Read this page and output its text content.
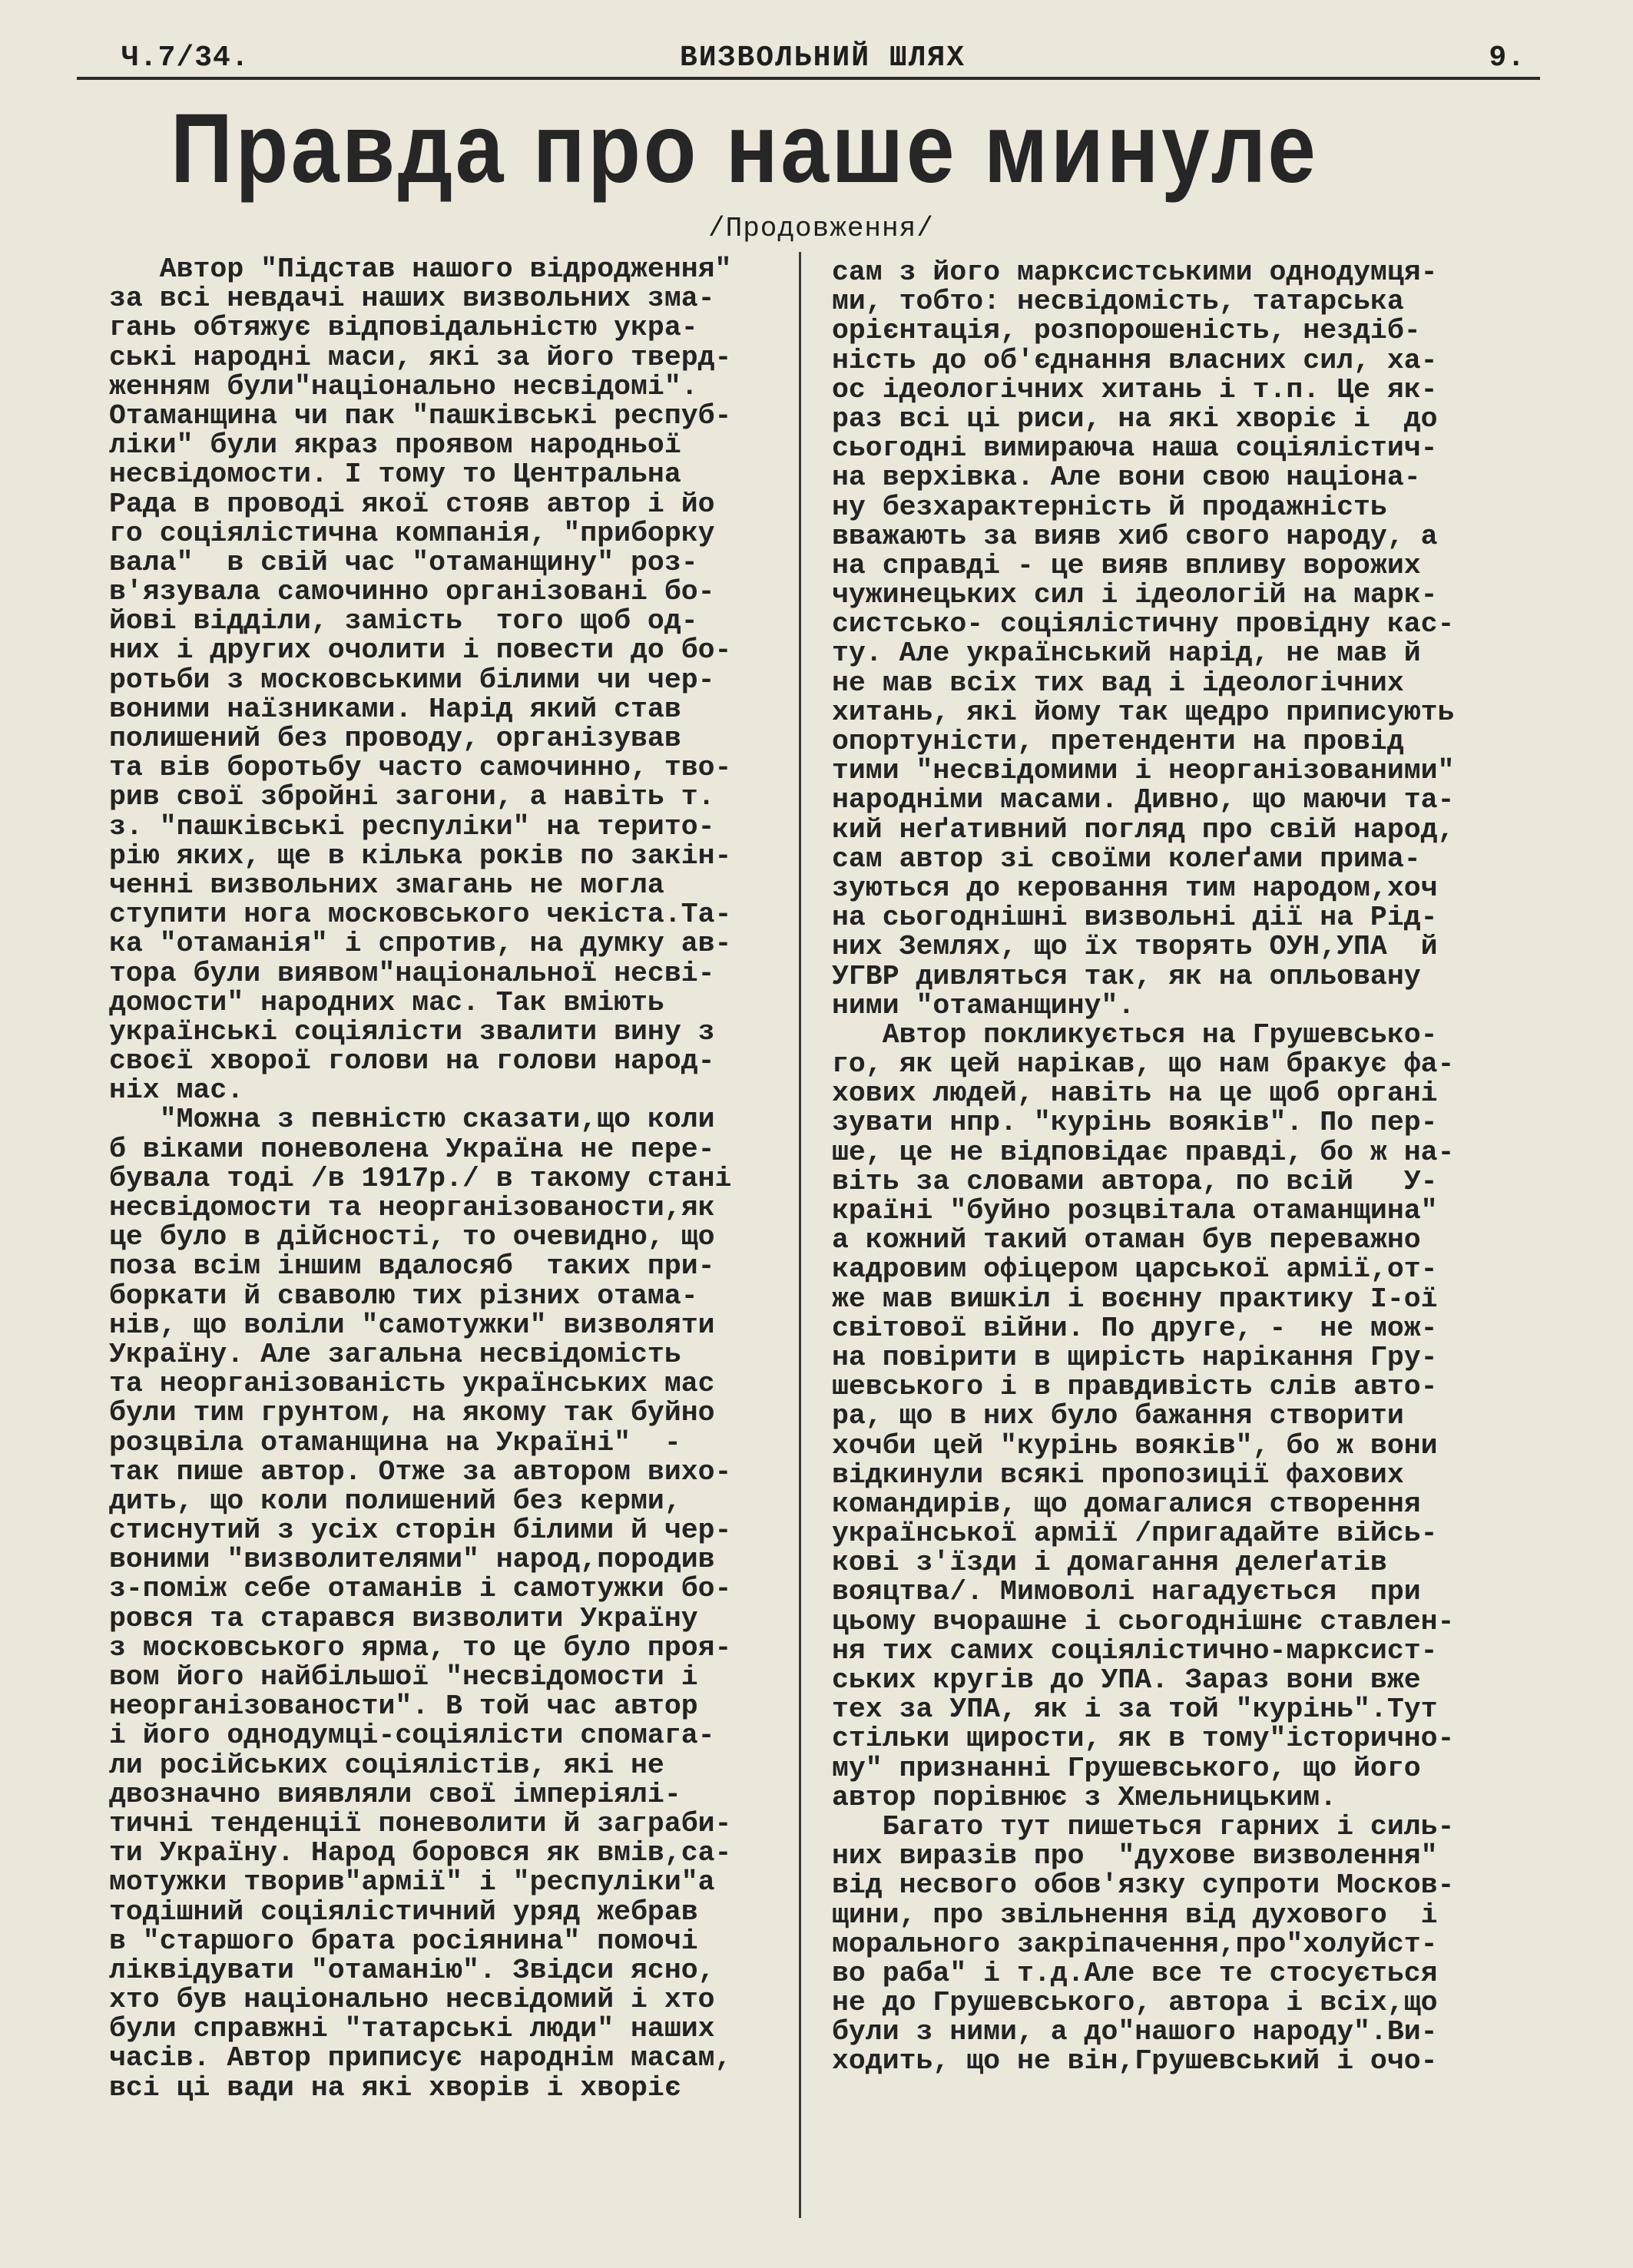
Ч.7/34.	ВИЗВОЛЬНИЙ ШЛЯХ	9.
Правда про наше минуле
/Продовження/
Автор "Підстав нашого відродження"
за всі невдачі наших визвольних зма-
гань обтяжує відповідальністю укра-
ські народні маси, які за його тверд-
женням були"національно несвідомі".
Отаманщина чи пак "пашківські респуб-
ліки" були якраз проявом народньої
несвідомости. І тому то Центральна
Рада в проводі якої стояв автор і йо
го соціялістична компанія, "приборку
вала"  в свій час "отаманщину" роз-
в'язувала самочинно організовані бо-
йові відділи, замість  того щоб од-
них і других очолити і повести до бо-
ротьби з московськими білими чи чер-
воними наїзниками. Нарід який став
полишений без проводу, організував
та вів боротьбу часто самочинно, тво-
рив свої збройні загони, а навіть т.
з. "пашківські респуліки" на терито-
рію яких, ще в кілька років по закін-
ченні визвольних змагань не могла
ступити нога московського чекіста.Та-
ка "отаманія" і спротив, на думку ав-
тора були виявом"національної несві-
домости" народних мас. Так вміють
українські соціялісти звалити вину з
своєї хворої голови на голови народ-
ніх мас.
"Можна з певністю сказати,що коли
б віками поневолена Україна не пере-
бувала тоді /в 1917р./ в такому стані
несвідомости та неорганізованости,як
це було в дійсності, то очевидно, що
поза всім іншим вдалосяб  таких при-
боркати й сваволю тих різних отама-
нів, що воліли "самотужки" визволяти
Україну. Але загальна несвідомість
та неорганізованість українських мас
були тим грунтом, на якому так буйно
розцвіла отаманщина на Україні"  -
так пише автор. Отже за автором вихо-
дить, що коли полишений без керми,
стиснутий з усіх сторін білими й чер-
воними "визволителями" народ,породив
з-поміж себе отаманів і самотужки бо-
ровся та старався визволити Україну
з московського ярма, то це було проя-
вом його найбільшої "несвідомости і
неорганізованости". В той час автор
і його однодумці-соціялісти спомага-
ли російських соціялістів, які не
двозначно виявляли свої імперіялі-
тичні тенденції поневолити й заграби-
ти Україну. Народ боровся як вмів,са-
мотужки творив"армії" і "респуліки"а
тодішний соціялістичний уряд жебрав
в "старшого брата росіянина" помочі
ліквідувати "отаманію". Звідси ясно,
хто був національно несвідомий і хто
були справжні "татарські люди" наших
часів. Автор приписує народнім масам,
всі ці вади на які хворів і хворіє
сам з його марксистськими однодумця-
ми, тобто: несвідомість, татарська
орієнтація, розпорошеність, нездіб-
ність до об'єднання власних сил, ха-
ос ідеологічних хитань і т.п. Це як-
раз всі ці риси, на які хворіє і  до
сьогодні вимираюча наша соціялістич-
на верхівка. Але вони свою націона-
ну безхарактерність й продажність
вважають за вияв хиб свого народу, а
на справді - це вияв впливу ворожих
чужинецьких сил і ідеологій на марк-
систсько- соціялістичну провідну кас-
ту. Але український нарід, не мав й
не мав всіх тих вад і ідеологічних
хитань, які йому так щедро приписують
опортуністи, претенденти на провід
тими "несвідомими і неорганізованими"
народніми масами. Дивно, що маючи та-
кий неґативний погляд про свій народ,
сам автор зі своїми колеґами прима-
зуються до керовання тим народом,хоч
на сьогоднішні визвольні дії на Рід-
них Землях, що їх творять ОУН,УПА  й
УГВР дивляться так, як на опльовану
ними "отаманщину".
Автор покликується на Грушевсько-
го, як цей нарікав, що нам бракує фа-
хових людей, навіть на це щоб органі
зувати нпр. "курінь вояків". По пер-
ше, це не відповідає правді, бо ж на-
віть за словами автора, по всій   У-
країні "буйно розцвітала отаманщина"
а кожний такий отаман був переважно
кадровим офіцером царської армії,от-
же мав вишкіл і воєнну практику І-ої
світової війни. По друге, -  не мож-
на повірити в щирість нарікання Гру-
шевського і в правдивість слів авто-
ра, що в них було бажання створити
хочби цей "курінь вояків", бо ж вони
відкинули всякі пропозиції фахових
командирів, що домагалися створення
української армії /пригадайте війсь-
кові з'їзди і домагання делеґатів
вояцтва/. Мимоволі нагадується  при
цьому вчорашне і сьогоднішнє ставлен-
ня тих самих соціялістично-марксист-
ських кругів до УПА. Зараз вони вже
тех за УПА, як і за той "курінь".Тут
стільки щирости, як в тому"історично-
му" признанні Грушевського, що його
автор порівнює з Хмельницьким.
Багато тут пишеться гарних і силь-
них виразів про  "духове визволення"
від несвого обов'язку супроти Москов-
щини, про звільнення від духового  і
морального закріпачення,про"холуйст-
во раба" і т.д.Але все те стосується
не до Грушевського, автора і всіх,що
були з ними, а до"нашого народу".Ви-
ходить, що не він,Грушевський і очо-
